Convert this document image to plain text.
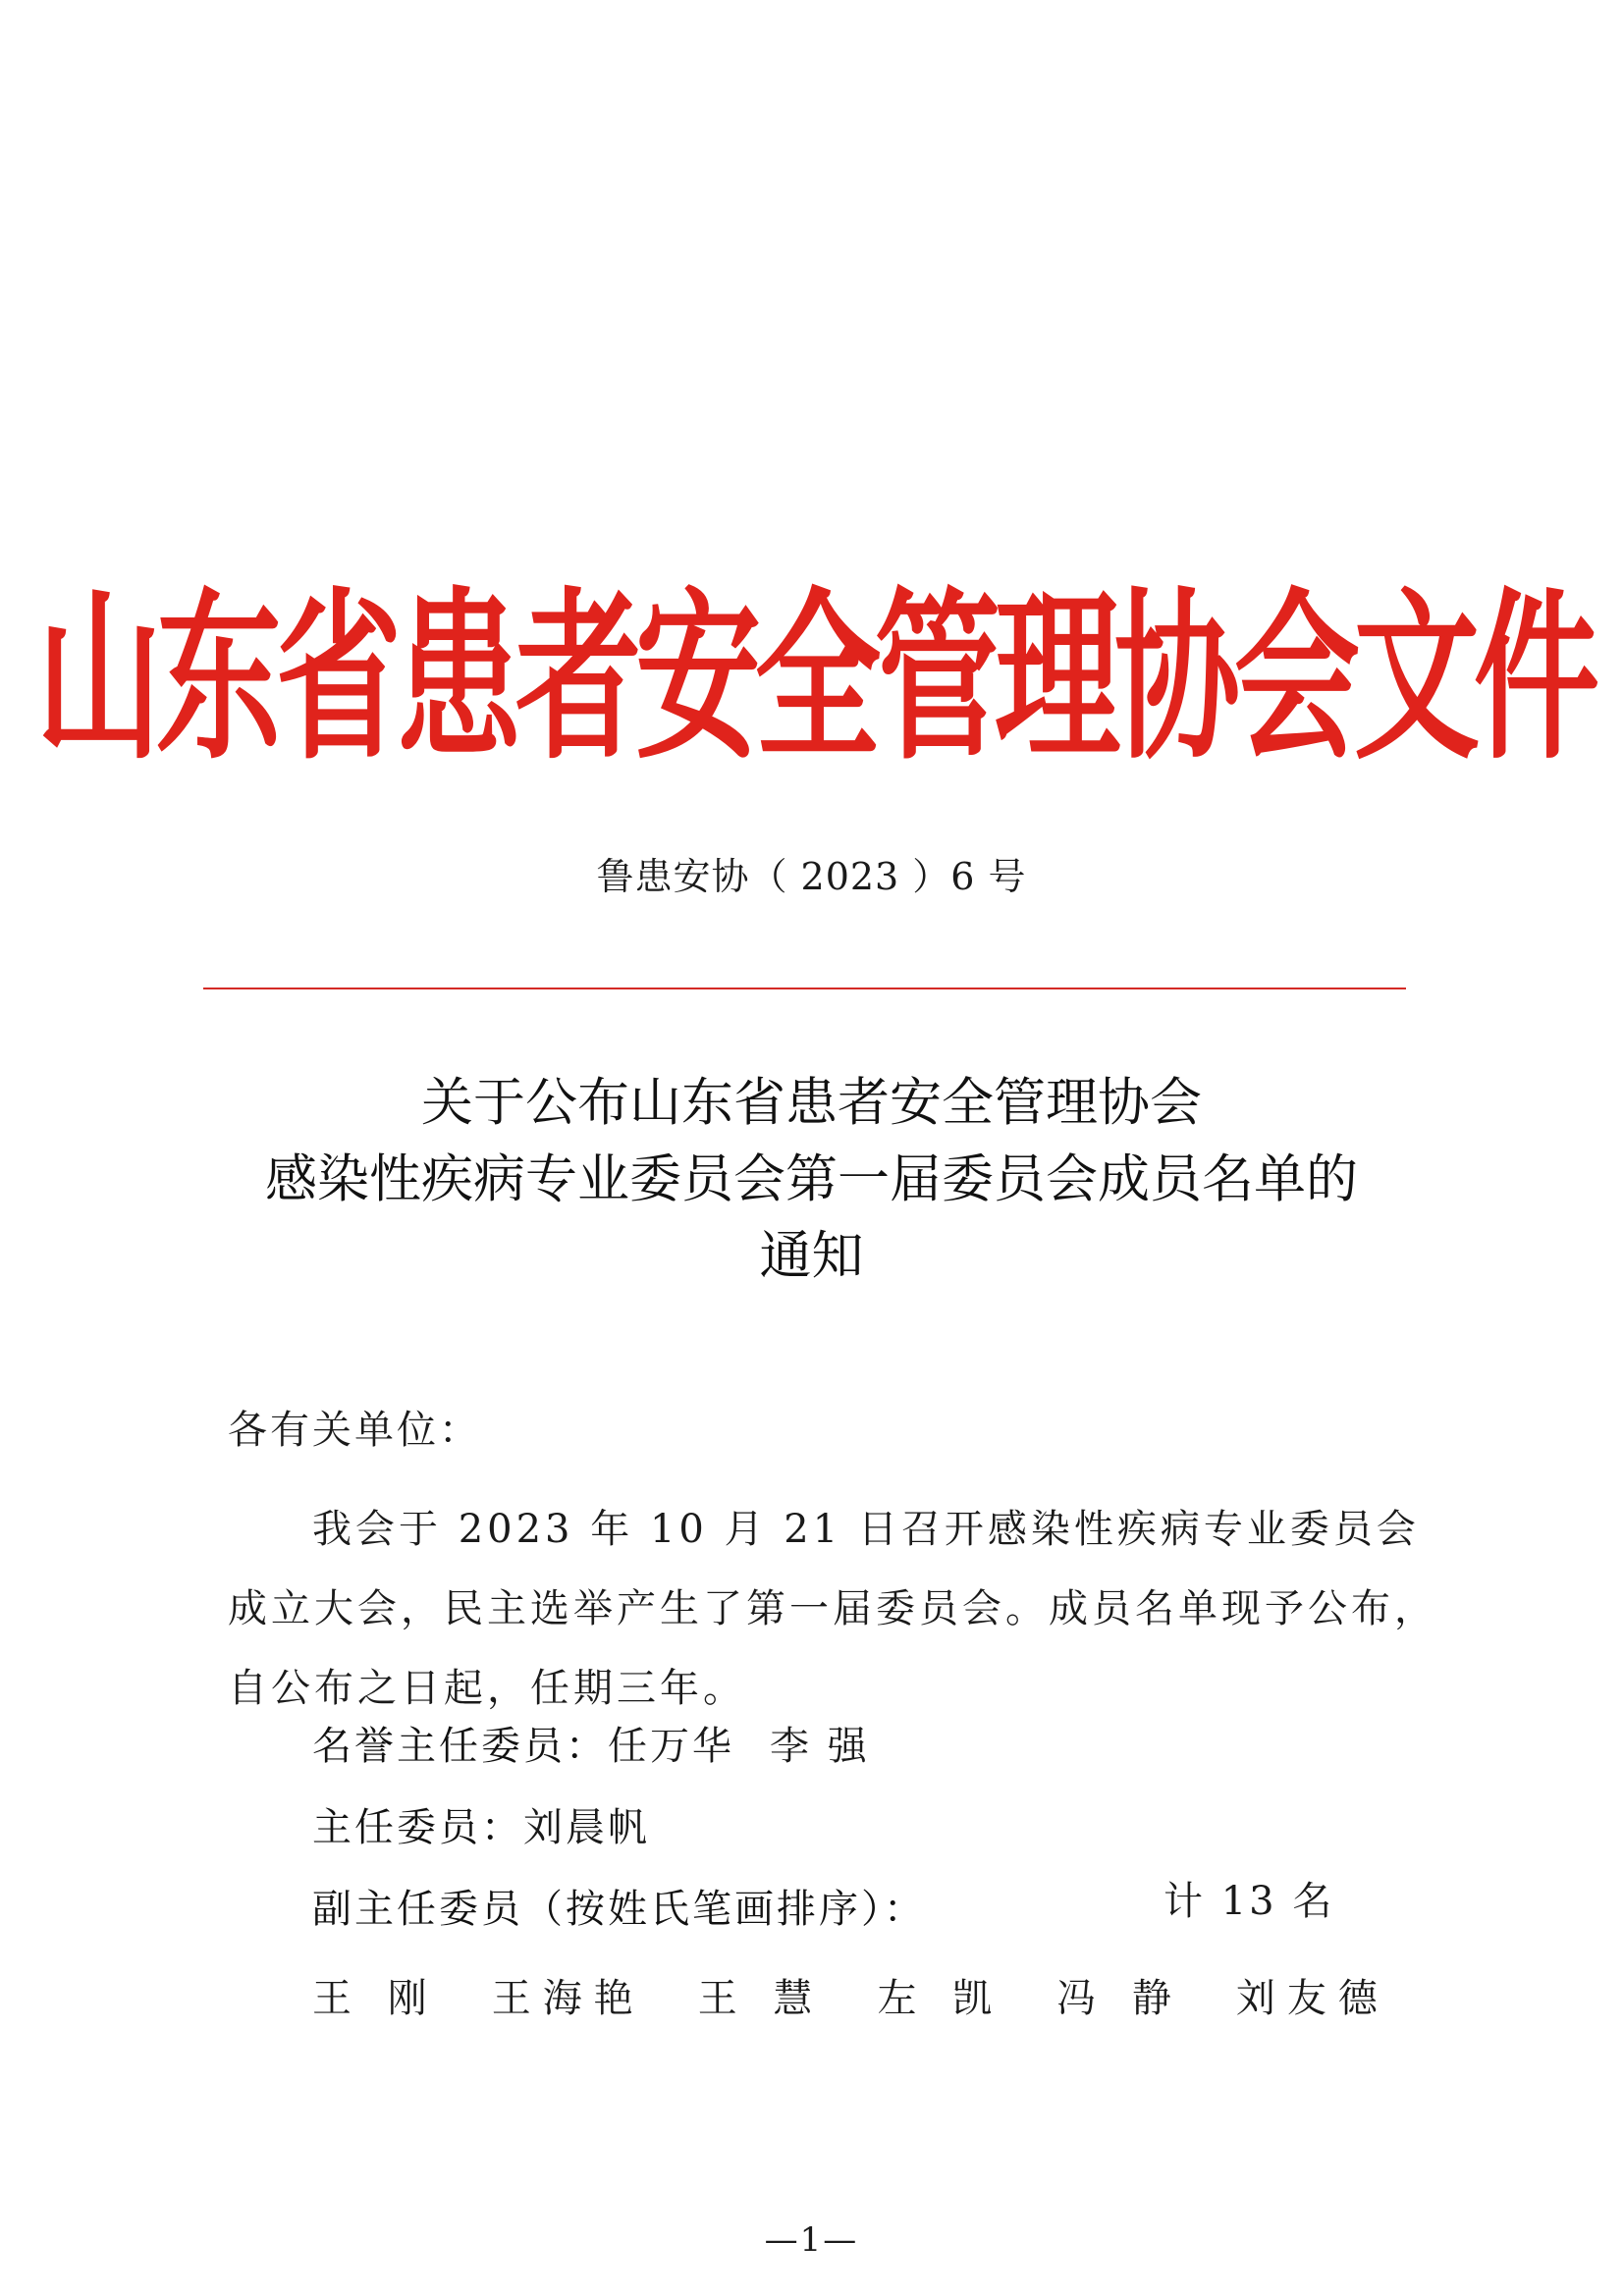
山东省患者安全管理协会文件
鲁患安协（ 2023 ）6 号
关于公布山东省患者安全管理协会
感染性疾病专业委员会第一届委员会成员名单的
通知
各有关单位：
我会于 2023 年 10 月 21 日召开感染性疾病专业委员会成立大会，民主选举产生了第一届委员会。成员名单现予公布，自公布之日起，任期三年。
名誉主任委员：任万华 李 强
主任委员：刘晨帆
副主任委员（按姓氏笔画排序）：	计 13 名
王 刚 王海艳 王 慧 左 凯 冯 静 刘友德
—1—
